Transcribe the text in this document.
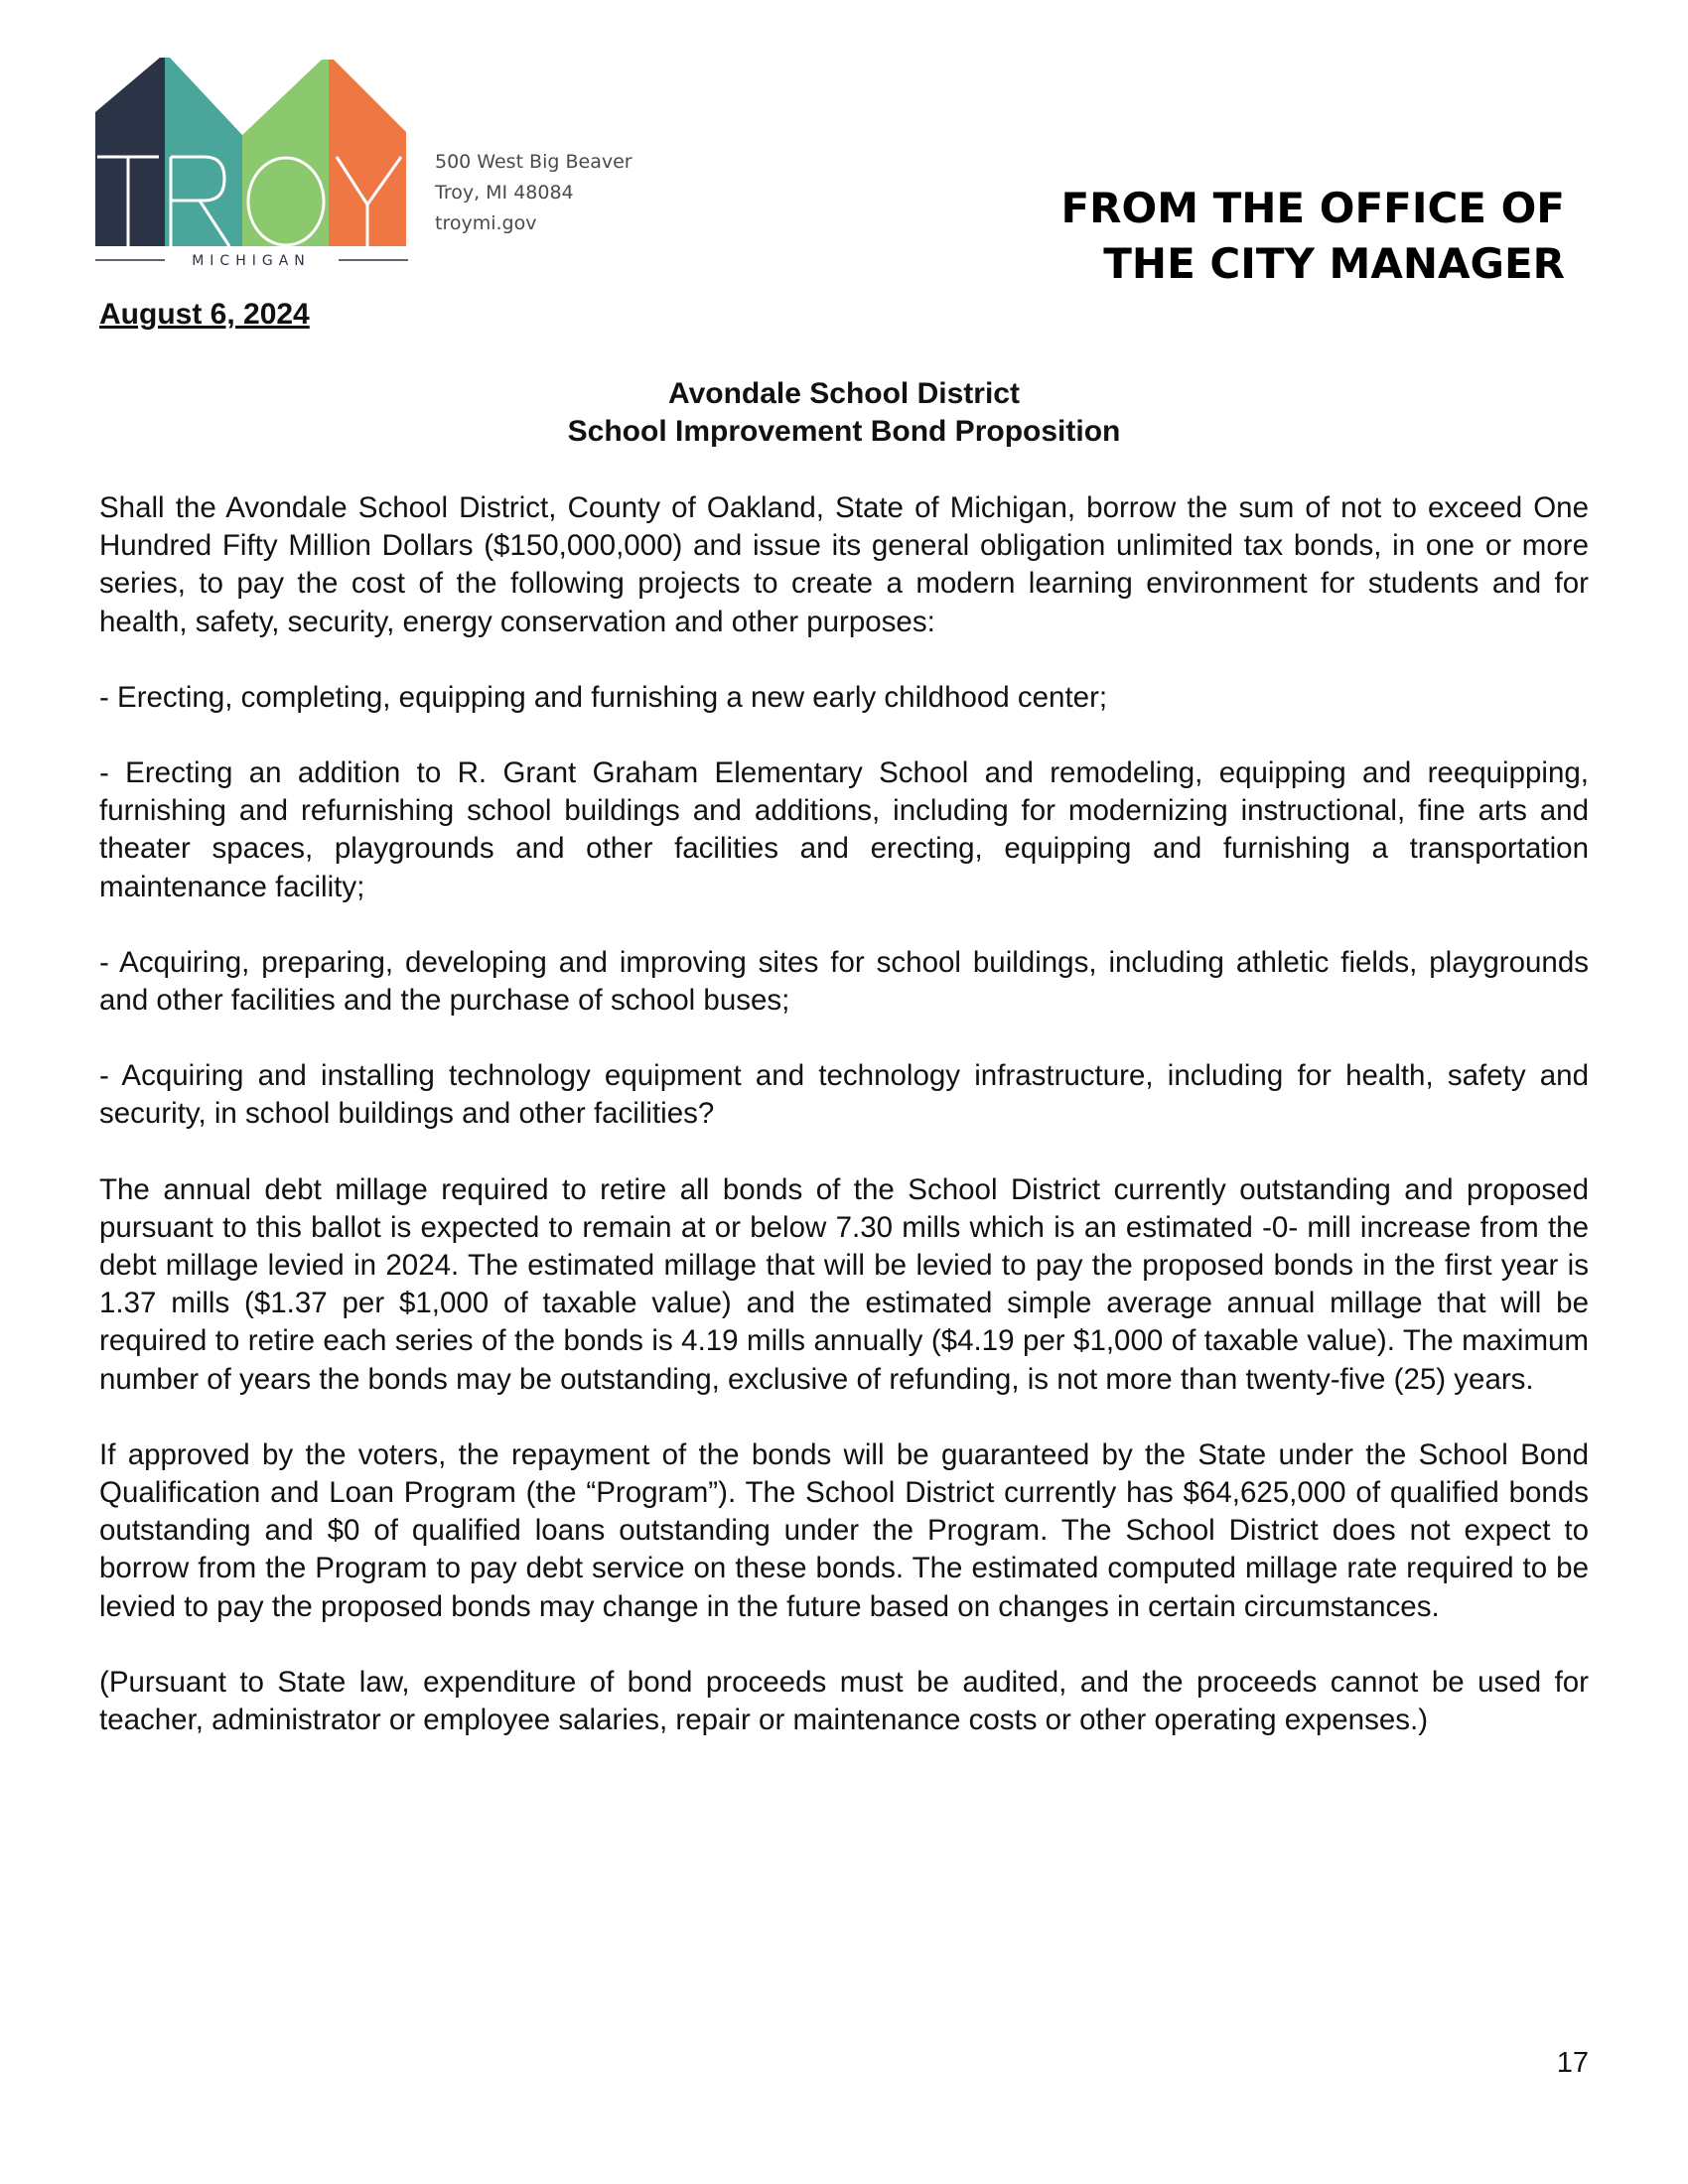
MICHIGAN
500 West Big Beaver
Troy, MI 48084
troymi.gov	FROM THE OFFICE OF
THE CITY MANAGER
August 6, 2024
Avondale School District
School Improvement Bond Proposition

Shall the Avondale School District, County of Oakland, State of Michigan, borrow the sum of not to exceed One Hundred Fifty Million Dollars ($150,000,000) and issue its general obligation unlimited tax bonds, in one or more series, to pay the cost of the following projects to create a modern learning environment for students and for health, safety, security, energy conservation and other purposes:

- Erecting, completing, equipping and furnishing a new early childhood center;

- Erecting an addition to R. Grant Graham Elementary School and remodeling, equipping and reequipping, furnishing and refurnishing school buildings and additions, including for modernizing instructional, fine arts and theater spaces, playgrounds and other facilities and erecting, equipping and furnishing a transportation maintenance facility;

- Acquiring, preparing, developing and improving sites for school buildings, including athletic fields, playgrounds and other facilities and the purchase of school buses;

- Acquiring and installing technology equipment and technology infrastructure, including for health, safety and security, in school buildings and other facilities?

The annual debt millage required to retire all bonds of the School District currently outstanding and proposed pursuant to this ballot is expected to remain at or below 7.30 mills which is an estimated -0- mill increase from the debt millage levied in 2024. The estimated millage that will be levied to pay the proposed bonds in the first year is 1.37 mills ($1.37 per $1,000 of taxable value) and the estimated simple average annual millage that will be required to retire each series of the bonds is 4.19 mills annually ($4.19 per $1,000 of taxable value). The maximum number of years the bonds may be outstanding, exclusive of refunding, is not more than twenty-five (25) years.

If approved by the voters, the repayment of the bonds will be guaranteed by the State under the School Bond Qualification and Loan Program (the “Program”). The School District currently has $64,625,000 of qualified bonds outstanding and $0 of qualified loans outstanding under the Program. The School District does not expect to borrow from the Program to pay debt service on these bonds. The estimated computed millage rate required to be levied to pay the proposed bonds may change in the future based on changes in certain circumstances.

(Pursuant to State law, expenditure of bond proceeds must be audited, and the proceeds cannot be used for teacher, administrator or employee salaries, repair or maintenance costs or other operating expenses.)

17
